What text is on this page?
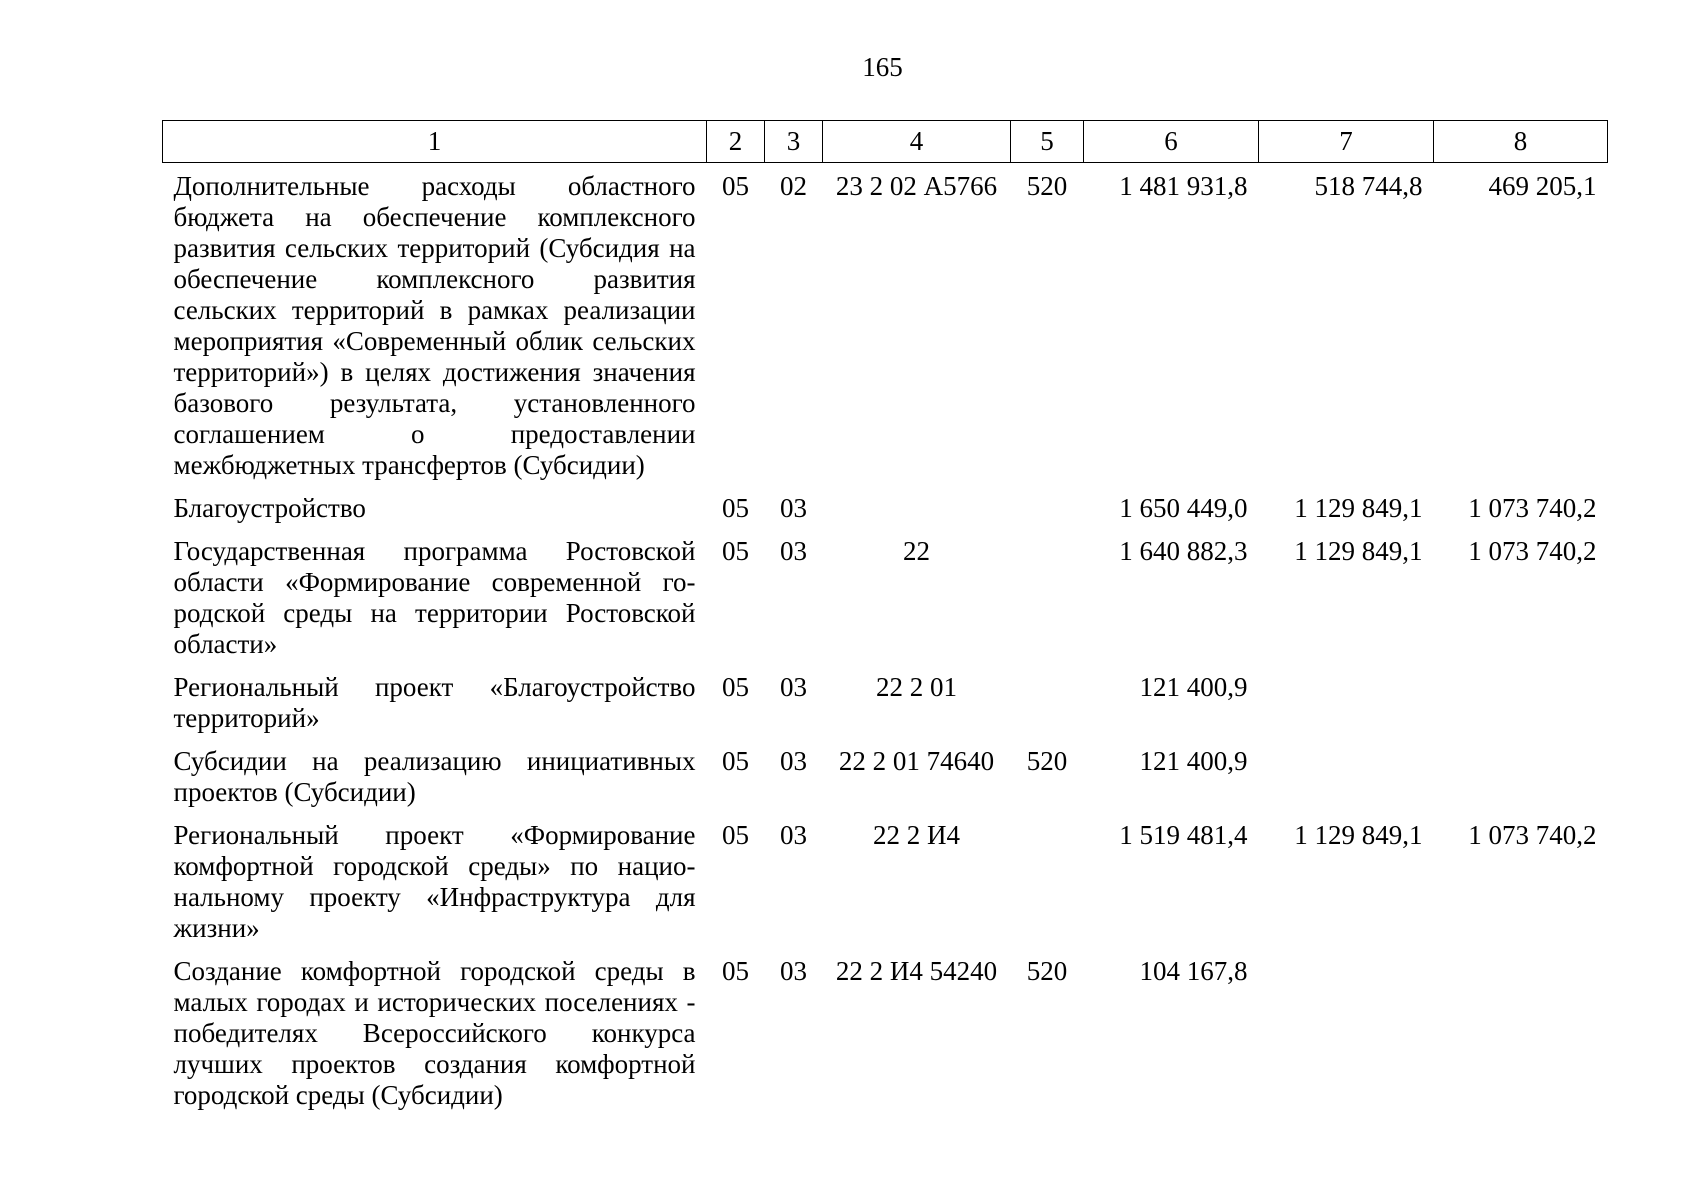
165
1	2	3	4	5	6	7	8
Дополнительные расходы областного бюджета на обеспечение комплексного развития сельских территорий (Субсидия на обеспечение комплексного развития сельских территорий в рамках реализации мероприятия «Современный облик сельских территорий») в целях достижения значения базового результата, установленного соглашением о предоставлении межбюджетных трансфертов (Субсидии)	05	02	23 2 02 А5766	520	1 481 931,8	518 744,8	469 205,1
Благоустройство	05	03			1 650 449,0	1 129 849,1	1 073 740,2
Государственная программа Ростовской области «Формирование современной городской среды на территории Ростовской области»	05	03	22		1 640 882,3	1 129 849,1	1 073 740,2
Региональный проект «Благоустройство территорий»	05	03	22 2 01		121 400,9		
Субсидии на реализацию инициативных проектов (Субсидии)	05	03	22 2 01 74640	520	121 400,9		
Региональный проект «Формирование комфортной городской среды» по национальному проекту «Инфраструктура для жизни»	05	03	22 2 И4		1 519 481,4	1 129 849,1	1 073 740,2
Создание комфортной городской среды в малых городах и исторических поселениях - победителях Всероссийского конкурса лучших проектов создания комфортной городской среды (Субсидии)	05	03	22 2 И4 54240	520	104 167,8		
